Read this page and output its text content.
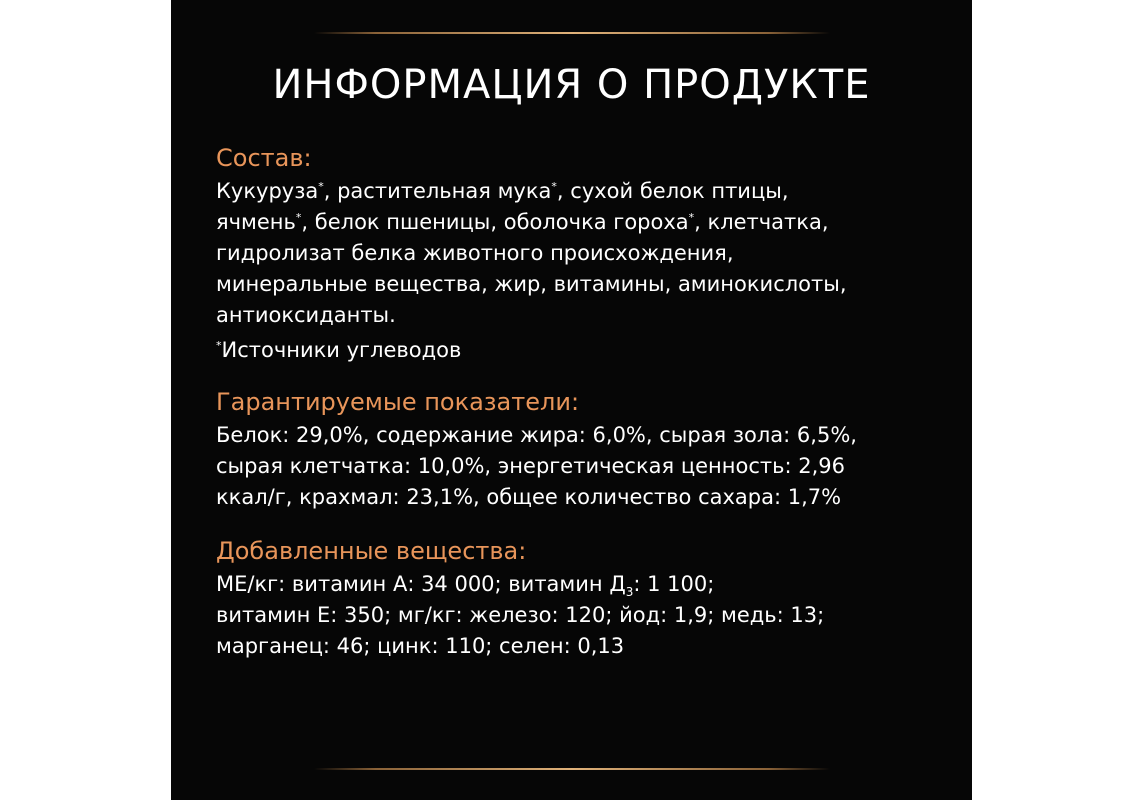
ИНФОРМАЦИЯ О ПРОДУКТЕ

Состав:

Кукуруза*, растительная мука*, сухой белок птицы,
ячмень*, белок пшеницы, оболочка гороха*, клетчатка,
гидролизат белка животного происхождения,
минеральные вещества, жир, витамины, аминокислоты,
антиоксиданты.

*Источники углеводов

Гарантируемые показатели:

Белок: 29,0%, содержание жира: 6,0%, сырая зола: 6,5%,
сырая клетчатка: 10,0%, энергетическая ценность: 2,96
ккал/г, крахмал: 23,1%, общее количество сахара: 1,7%

Добавленные вещества:

МЕ/кг: витамин А: 34 000; витамин $Д_3$: 1 100;
витамин Е: 350; мг/кг: железо: 120; йод: 1,9; медь: 13;
марганец: 46; цинк: 110; селен: 0,13
